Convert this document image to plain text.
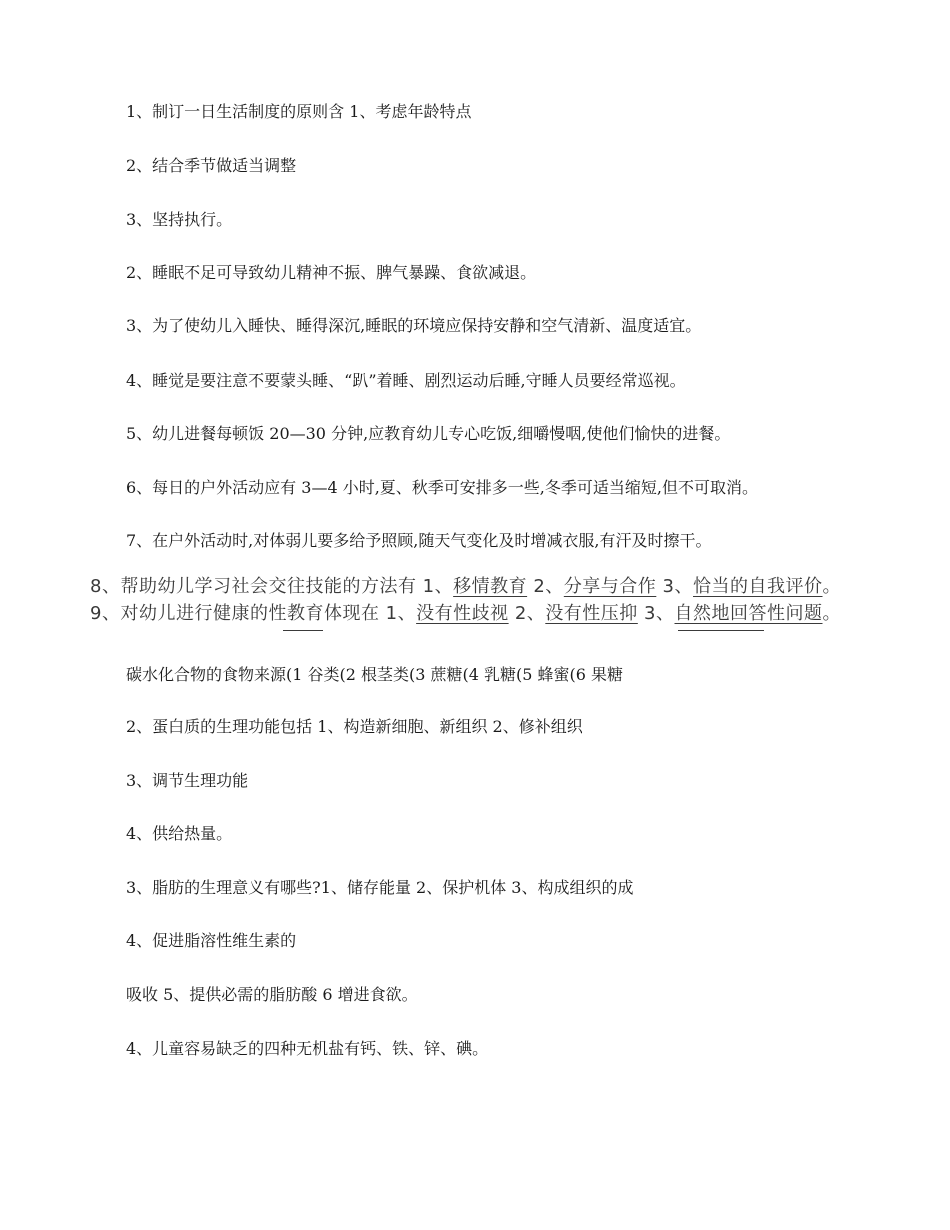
1、制订一日生活制度的原则含 1、考虑年龄特点
2、结合季节做适当调整
3、坚持执行。
2、睡眠不足可导致幼儿精神不振、脾气暴躁、食欲减退。
3、为了使幼儿入睡快、睡得深沉,睡眠的环境应保持安静和空气清新、温度适宜。
4、睡觉是要注意不要蒙头睡、“趴”着睡、剧烈运动后睡,守睡人员要经常巡视。
5、幼儿进餐每顿饭 20—30 分钟,应教育幼儿专心吃饭,细嚼慢咽,使他们愉快的进餐。
6、每日的户外活动应有 3—4 小时,夏、秋季可安排多一些,冬季可适当缩短,但不可取消。
7、在户外活动时,对体弱儿要多给予照顾,随天气变化及时增减衣服,有汗及时擦干。
8、帮助幼儿学习社会交往技能的方法有 1、移情教育 2、分享与合作 3、恰当的自我评价。
9、对幼儿进行健康的性教育体现在 1、没有性歧视 2、没有性压抑 3、自然地回答性问题。
碳水化合物的食物来源(1 谷类(2 根茎类(3 蔗糖(4 乳糖(5 蜂蜜(6 果糖
2、蛋白质的生理功能包括 1、构造新细胞、新组织 2、修补组织
3、调节生理功能
4、供给热量。
3、脂肪的生理意义有哪些?1、储存能量 2、保护机体 3、构成组织的成
4、促进脂溶性维生素的
吸收 5、提供必需的脂肪酸 6 增进食欲。
4、儿童容易缺乏的四种无机盐有钙、铁、锌、碘。
